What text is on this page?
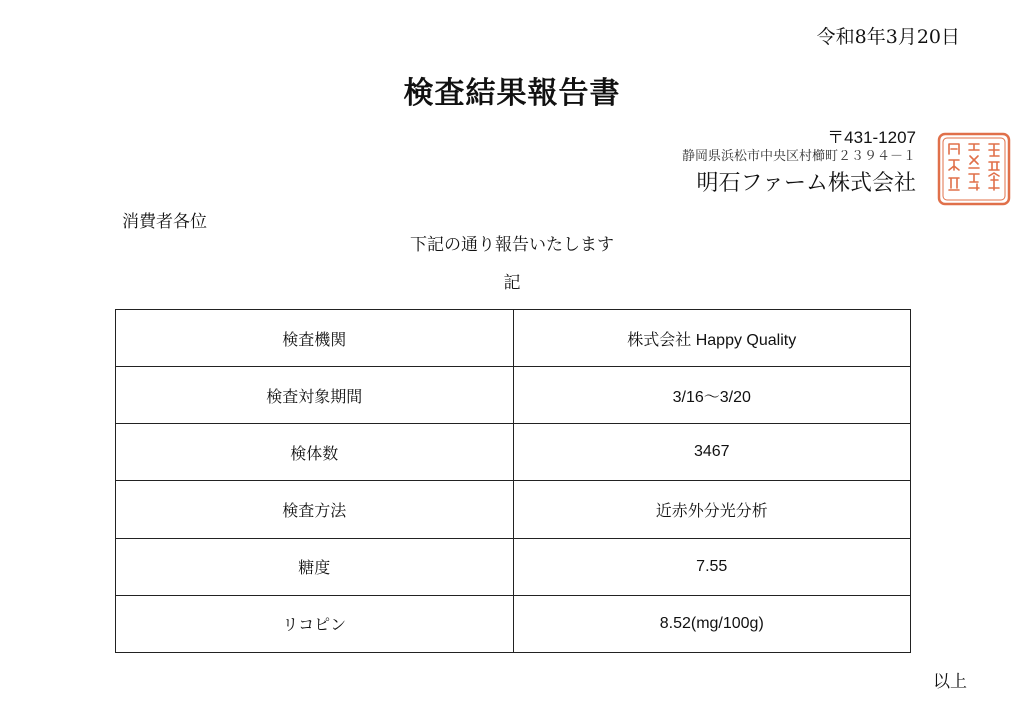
令和8年3月20日
検査結果報告書
〒431-1207
静岡県浜松市中央区村櫛町２３９４－１
明石ファーム株式会社
消費者各位
下記の通り報告いたします
記
検査機関	株式会社 Happy Quality
検査対象期間	3/16～3/20
検体数	3467
検査方法	近赤外分光分析
糖度	7.55
リコピン	8.52(mg/100g)
以上
